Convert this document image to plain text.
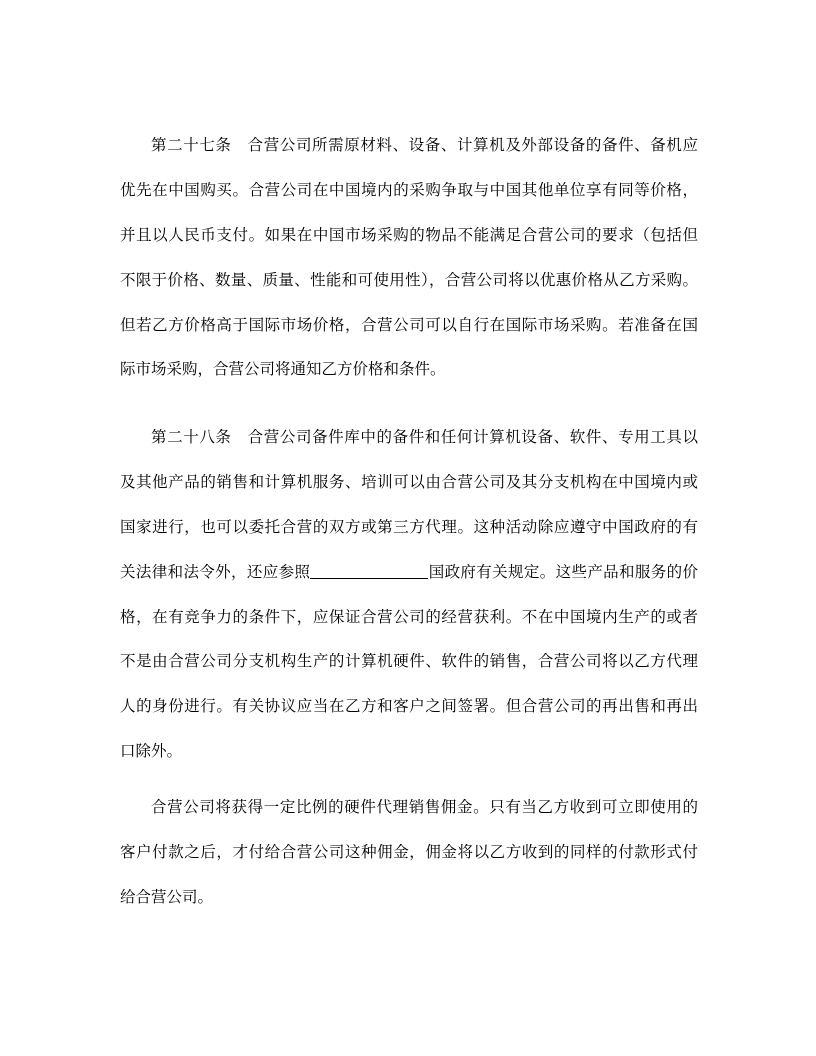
第二十七条　合营公司所需原材料、设备、计算机及外部设备的备件、备机应
优先在中国购买。合营公司在中国境内的采购争取与中国其他单位享有同等价格，
并且以人民币支付。如果在中国市场采购的物品不能满足合营公司的要求（包括但
不限于价格、数量、质量、性能和可使用性），合营公司将以优惠价格从乙方采购。
但若乙方价格高于国际市场价格，合营公司可以自行在国际市场采购。若准备在国
际市场采购，合营公司将通知乙方价格和条件。
第二十八条　合营公司备件库中的备件和任何计算机设备、软件、专用工具以
及其他产品的销售和计算机服务、培训可以由合营公司及其分支机构在中国境内或
国家进行，也可以委托合营的双方或第三方代理。这种活动除应遵守中国政府的有
关法律和法令外，还应参照	国政府有关规定。这些产品和服务的价
格，在有竞争力的条件下，应保证合营公司的经营获利。不在中国境内生产的或者
不是由合营公司分支机构生产的计算机硬件、软件的销售，合营公司将以乙方代理
人的身份进行。有关协议应当在乙方和客户之间签署。但合营公司的再出售和再出
口除外。
合营公司将获得一定比例的硬件代理销售佣金。只有当乙方收到可立即使用的
客户付款之后，才付给合营公司这种佣金，佣金将以乙方收到的同样的付款形式付
给合营公司。
